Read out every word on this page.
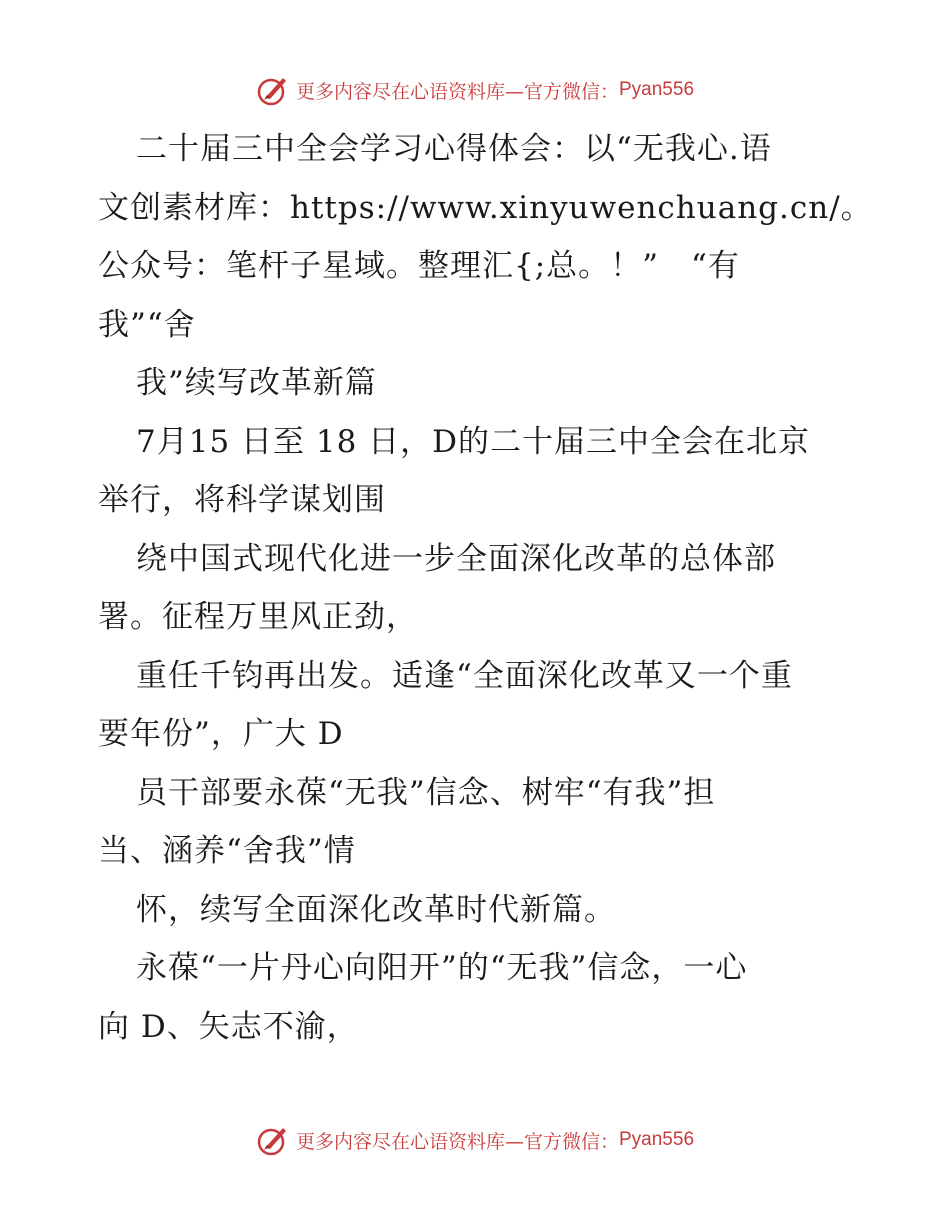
更多内容尽在心语资料库—官方微信： Pyan556
二十届三中全会学习心得体会：以“无我心.语
文创素材库：https://www.xinyuwenchuang.cn/。
公众号：笔杆子星域。整理汇{;总。！”　“有
我”“舍
我”续写改革新篇
7月15 日至 18 日，D的二十届三中全会在北京
举行，将科学谋划围
绕中国式现代化进一步全面深化改革的总体部
署。征程万里风正劲，
重任千钧再出发。适逢“全面深化改革又一个重
要年份”，广大 D
员干部要永葆“无我”信念、树牢“有我”担
当、涵养“舍我”情
怀，续写全面深化改革时代新篇。
永葆“一片丹心向阳开”的“无我”信念，一心
向 D、矢志不渝，
更多内容尽在心语资料库—官方微信： Pyan556
